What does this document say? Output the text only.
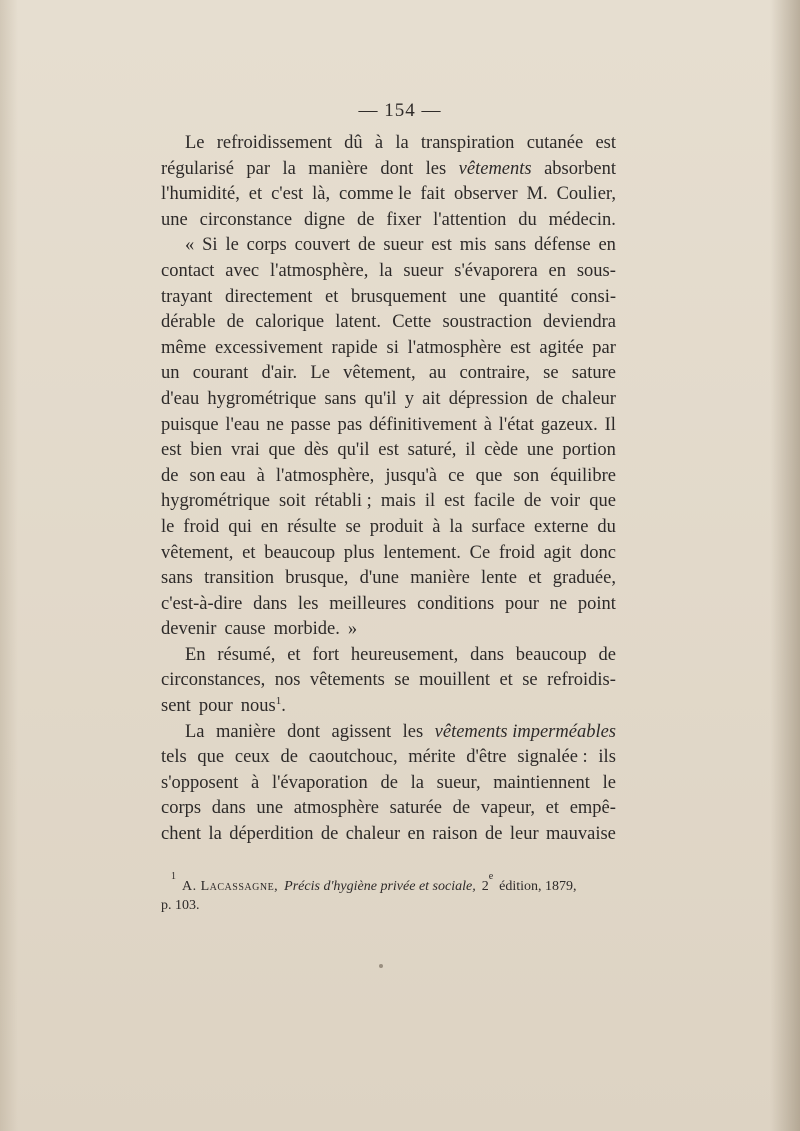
— 154 —
Le refroidissement dû à la transpiration cutanée est
régularisé par la manière dont les vêtements absorbent
l'humidité, et c'est là, comme le fait observer M. Coulier,
une circonstance digne de fixer l'attention du médecin.
« Si le corps couvert de sueur est mis sans défense en
contact avec l'atmosphère, la sueur s'évaporera en sous-
trayant directement et brusquement une quantité consi-
dérable de calorique latent. Cette soustraction deviendra
même excessivement rapide si l'atmosphère est agitée par
un courant d'air. Le vêtement, au contraire, se sature
d'eau hygrométrique sans qu'il y ait dépression de chaleur
puisque l'eau ne passe pas définitivement à l'état gazeux. Il
est bien vrai que dès qu'il est saturé, il cède une portion
de son eau à l'atmosphère, jusqu'à ce que son équilibre
hygrométrique soit rétabli ; mais il est facile de voir que
le froid qui en résulte se produit à la surface externe du
vêtement, et beaucoup plus lentement. Ce froid agit donc
sans transition brusque, d'une manière lente et graduée,
c'est-à-dire dans les meilleures conditions pour ne point
devenir cause morbide. »
En résumé, et fort heureusement, dans beaucoup de
circonstances, nos vêtements se mouillent et se refroidis-
sent pour nous$^1$.
La manière dont agissent les vêtements imperméables
tels que ceux de caoutchouc, mérite d'être signalée : ils
s'opposent à l'évaporation de la sueur, maintiennent le
corps dans une atmosphère saturée de vapeur, et empê-
chent la déperdition de chaleur en raison de leur mauvaise
$^1$
A. Lacassagne, Précis d'hygiène privée et sociale, 2e
édition, 1879,
p. 103.
